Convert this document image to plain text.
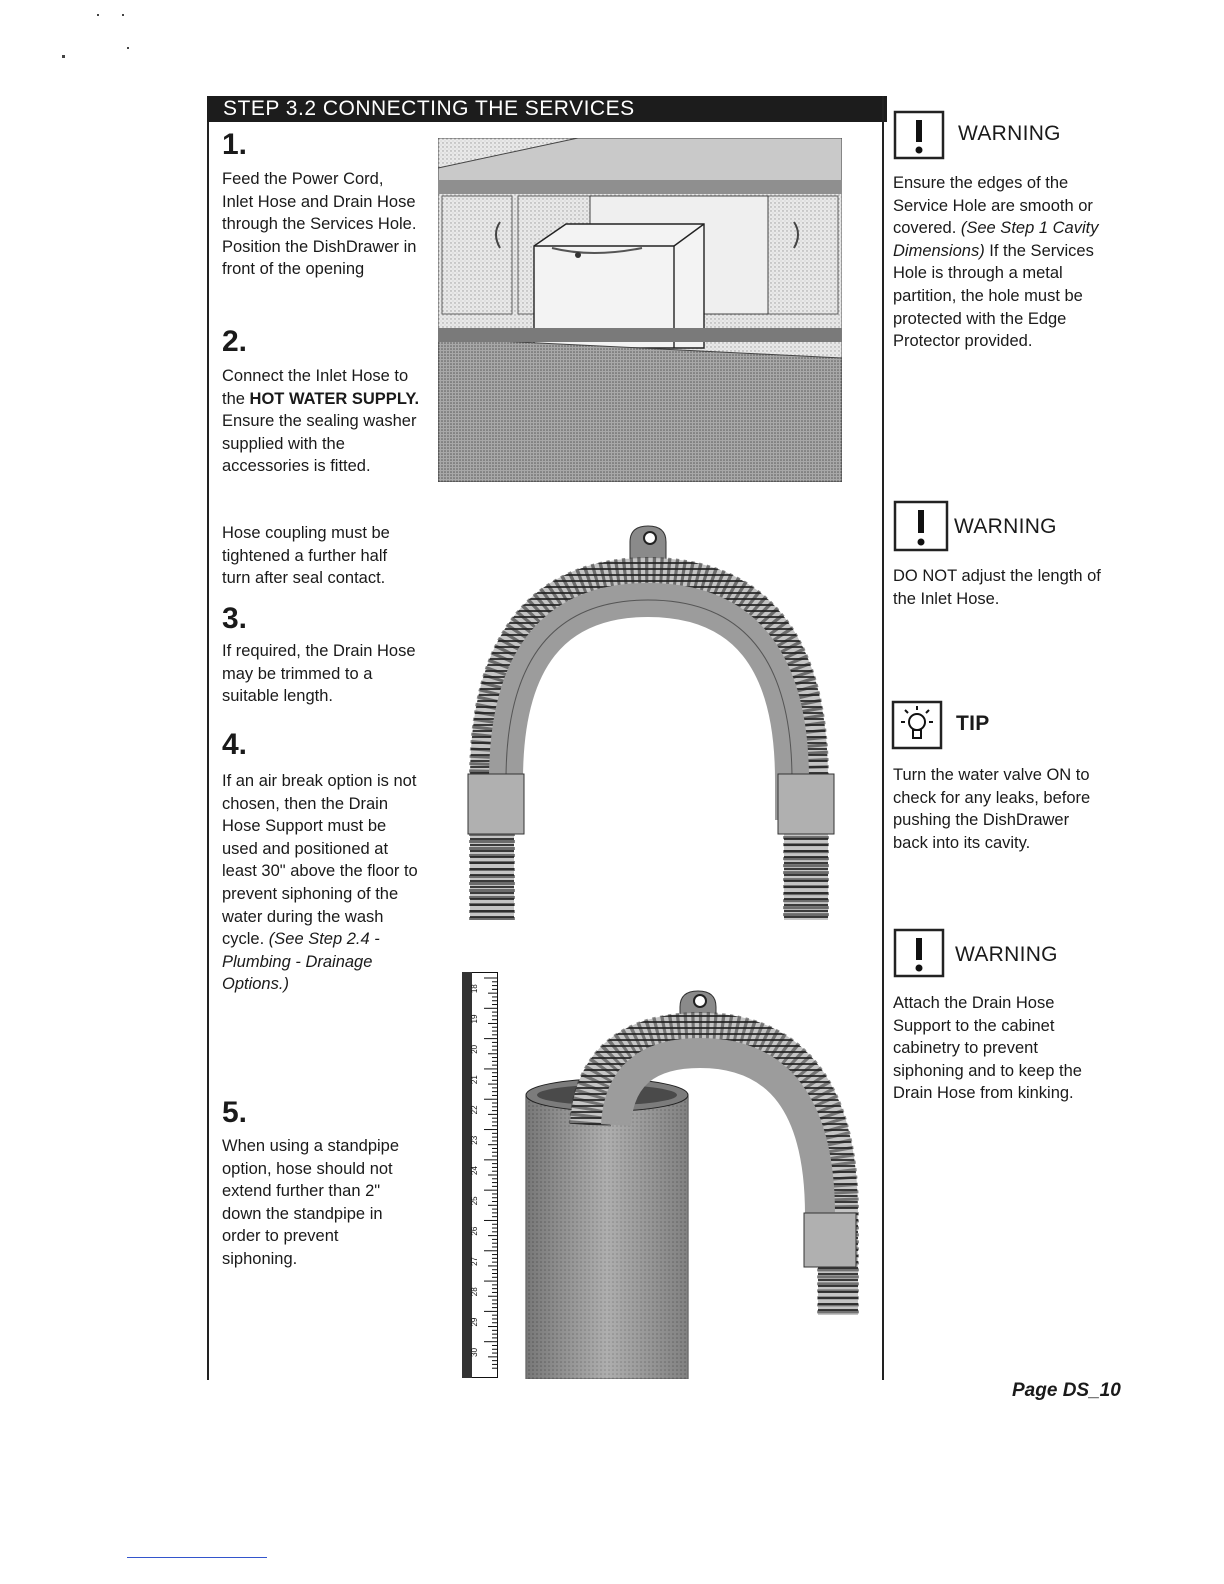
STEP 3.2 CONNECTING THE SERVICES
1.
Feed the Power Cord, Inlet Hose and Drain Hose through the Services Hole. Position the DishDrawer in front of the opening
2.
Connect the Inlet Hose to the HOT WATER SUPPLY. Ensure the sealing washer supplied with the accessories is fitted.
Hose coupling must be tightened a further half turn after seal contact.
3.
If required, the Drain Hose may be trimmed to a suitable length.
4.
If an air break option is not chosen, then the Drain Hose Support must be used and positioned at least 30" above the floor to prevent siphoning of the water during the wash cycle. (See Step 2.4 - Plumbing - Drainage Options.)
5.
When using a standpipe option, hose should not extend further than 2" down the standpipe in order to prevent siphoning.
18
19
20
21
22
23
24
25
26
27
28
29
30
WARNING
Ensure the edges of the Service Hole are smooth or covered. (See Step 1 Cavity Dimensions) If the Services Hole is through a metal partition, the hole must be protected with the Edge Protector provided.
WARNING
DO NOT adjust the length of the Inlet Hose.
TIP
Turn the water valve ON to check for any leaks, before pushing the DishDrawer back into its cavity.
WARNING
Attach the Drain Hose Support to the cabinet cabinetry to prevent siphoning and to keep the Drain Hose from kinking.
Page DS_10
